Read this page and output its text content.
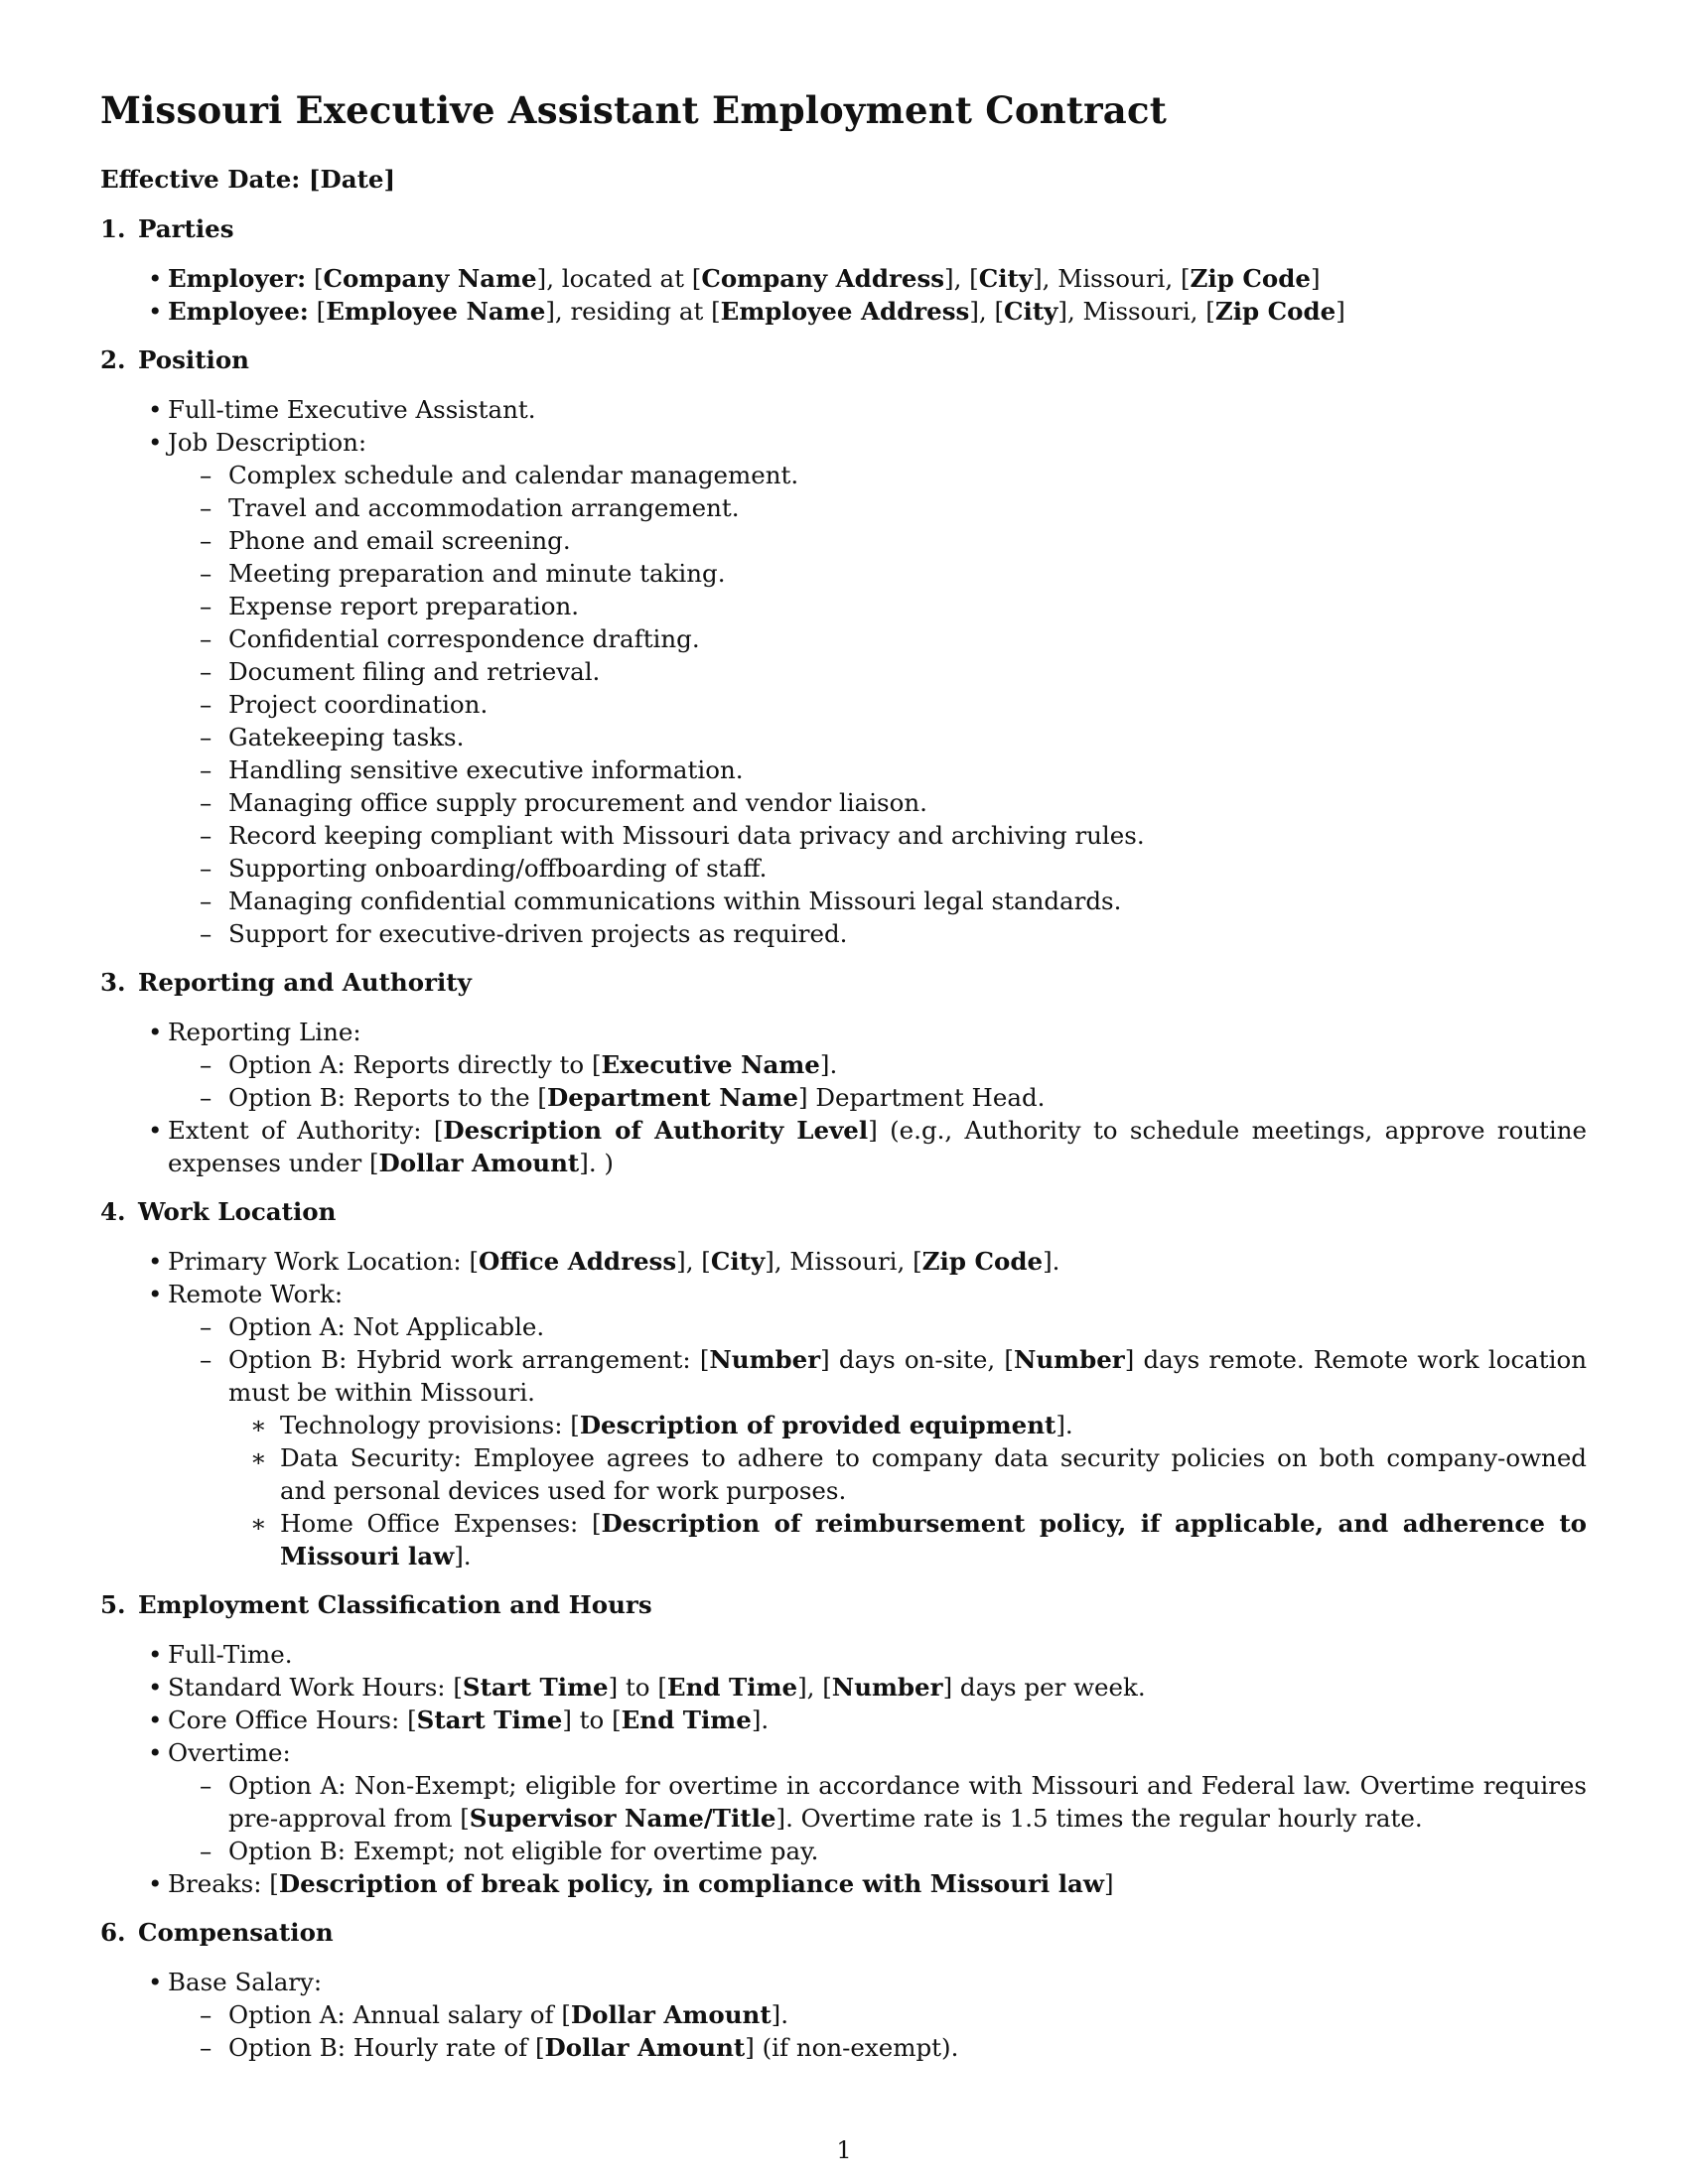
Missouri Executive Assistant Employment Contract
Effective Date: [Date]
1. Parties
• Employer: [Company Name], located at [Company Address], [City], Missouri, [Zip Code]
• Employee: [Employee Name], residing at [Employee Address], [City], Missouri, [Zip Code]
2. Position
• Full-time Executive Assistant.
• Job Description:
– Complex schedule and calendar management.
– Travel and accommodation arrangement.
– Phone and email screening.
– Meeting preparation and minute taking.
– Expense report preparation.
– Confidential correspondence drafting.
– Document filing and retrieval.
– Project coordination.
– Gatekeeping tasks.
– Handling sensitive executive information.
– Managing office supply procurement and vendor liaison.
– Record keeping compliant with Missouri data privacy and archiving rules.
– Supporting onboarding/offboarding of staff.
– Managing confidential communications within Missouri legal standards.
– Support for executive-driven projects as required.
3. Reporting and Authority
• Reporting Line:
– Option A: Reports directly to [Executive Name].
– Option B: Reports to the [Department Name] Department Head.
• Extent of Authority: [Description of Authority Level] (e.g., Authority to schedule meetings, approve routine expenses under [Dollar Amount]. )
4. Work Location
• Primary Work Location: [Office Address], [City], Missouri, [Zip Code].
• Remote Work:
– Option A: Not Applicable.
– Option B: Hybrid work arrangement: [Number] days on-site, [Number] days remote. Remote work location must be within Missouri.
∗ Technology provisions: [Description of provided equipment].
∗ Data Security: Employee agrees to adhere to company data security policies on both company-owned and personal devices used for work purposes.
∗ Home Office Expenses: [Description of reimbursement policy, if applicable, and adherence to Missouri law].
5. Employment Classification and Hours
• Full-Time.
• Standard Work Hours: [Start Time] to [End Time], [Number] days per week.
• Core Office Hours: [Start Time] to [End Time].
• Overtime:
– Option A: Non-Exempt; eligible for overtime in accordance with Missouri and Federal law. Overtime requires pre-approval from [Supervisor Name/Title]. Overtime rate is 1.5 times the regular hourly rate.
– Option B: Exempt; not eligible for overtime pay.
• Breaks: [Description of break policy, in compliance with Missouri law]
6. Compensation
• Base Salary:
– Option A: Annual salary of [Dollar Amount].
– Option B: Hourly rate of [Dollar Amount] (if non-exempt).
1
